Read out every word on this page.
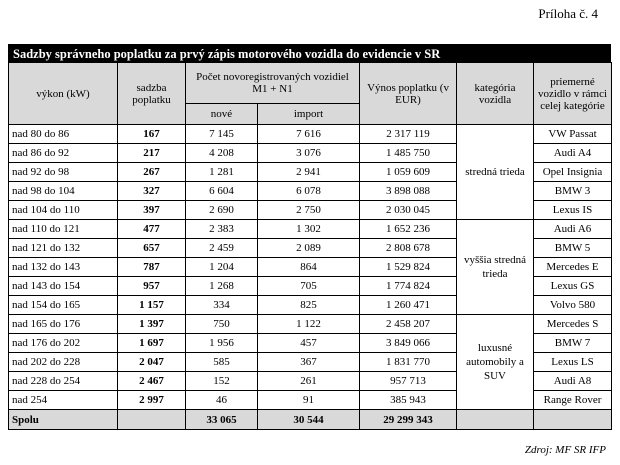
Príloha č. 4
Sadzby správneho poplatku za prvý zápis motorového vozidla do evidencie v SR
výkon (kW)	sadzba poplatku	Počet novoregistrovaných vozidiel M1 + N1		Výnos poplatku (v EUR)	kategória vozidla	priemerné vozidlo v rámci celej kategórie
		nové	import			
nad 80 do 86	167	7 145	7 616	2 317 119	stredná trieda	VW Passat
nad 86 do 92	217	4 208	3 076	1 485 750		Audi A4
nad 92 do 98	267	1 281	2 941	1 059 609		Opel Insignia
nad 98 do 104	327	6 604	6 078	3 898 088		BMW 3
nad 104 do 110	397	2 690	2 750	2 030 045		Lexus IS
nad 110 do 121	477	2 383	1 302	1 652 236	vyššia stredná trieda	Audi A6
nad 121 do 132	657	2 459	2 089	2 808 678		BMW 5
nad 132 do 143	787	1 204	864	1 529 824		Mercedes E
nad 143 do 154	957	1 268	705	1 774 824		Lexus GS
nad 154 do 165	1 157	334	825	1 260 471		Volvo 580
nad 165 do 176	1 397	750	1 122	2 458 207	luxusné automobily a SUV	Mercedes S
nad 176 do 202	1 697	1 956	457	3 849 066		BMW 7
nad 202 do 228	2 047	585	367	1 831 770		Lexus LS
nad 228 do 254	2 467	152	261	957 713		Audi A8
nad 254	2 997	46	91	385 943		Range Rover
Spolu		33 065	30 544	29 299 343		
Zdroj: MF SR IFP
